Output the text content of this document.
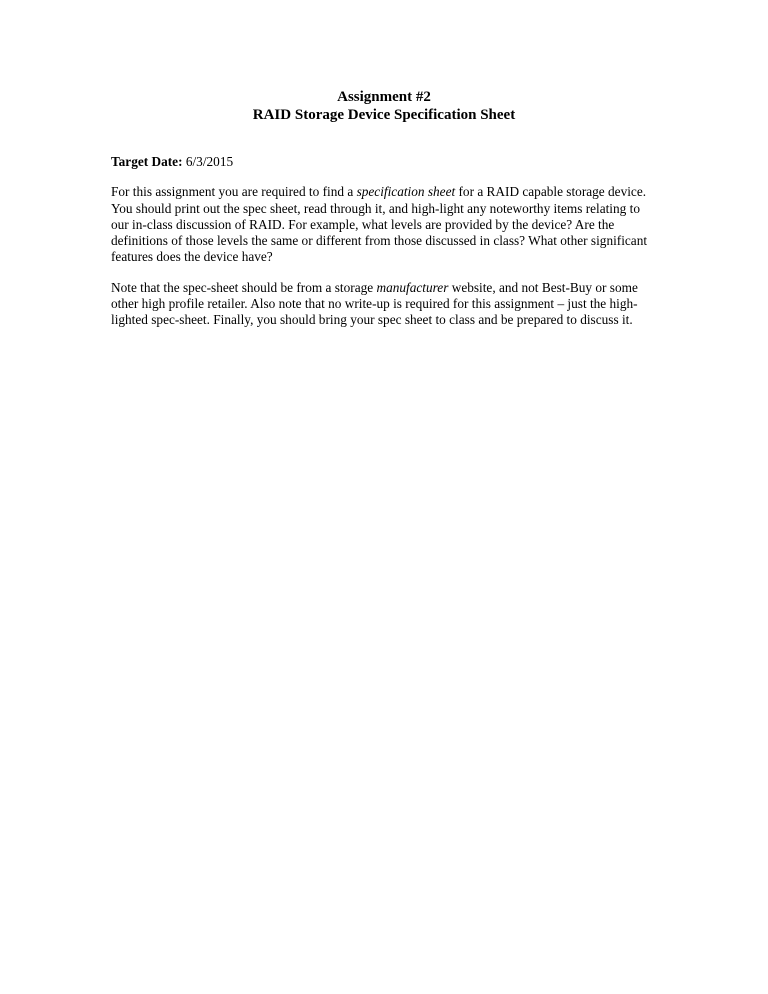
Assignment #2
RAID Storage Device Specification Sheet
Target Date: 6/3/2015

For this assignment you are required to find a specification sheet for a RAID capable storage device. You should print out the spec sheet, read through it, and high-light any noteworthy items relating to our in-class discussion of RAID. For example, what levels are provided by the device? Are the definitions of those levels the same or different from those discussed in class? What other significant features does the device have?

Note that the spec-sheet should be from a storage manufacturer website, and not Best-Buy or some other high profile retailer. Also note that no write-up is required for this assignment – just the high-lighted spec-sheet. Finally, you should bring your spec sheet to class and be prepared to discuss it.
